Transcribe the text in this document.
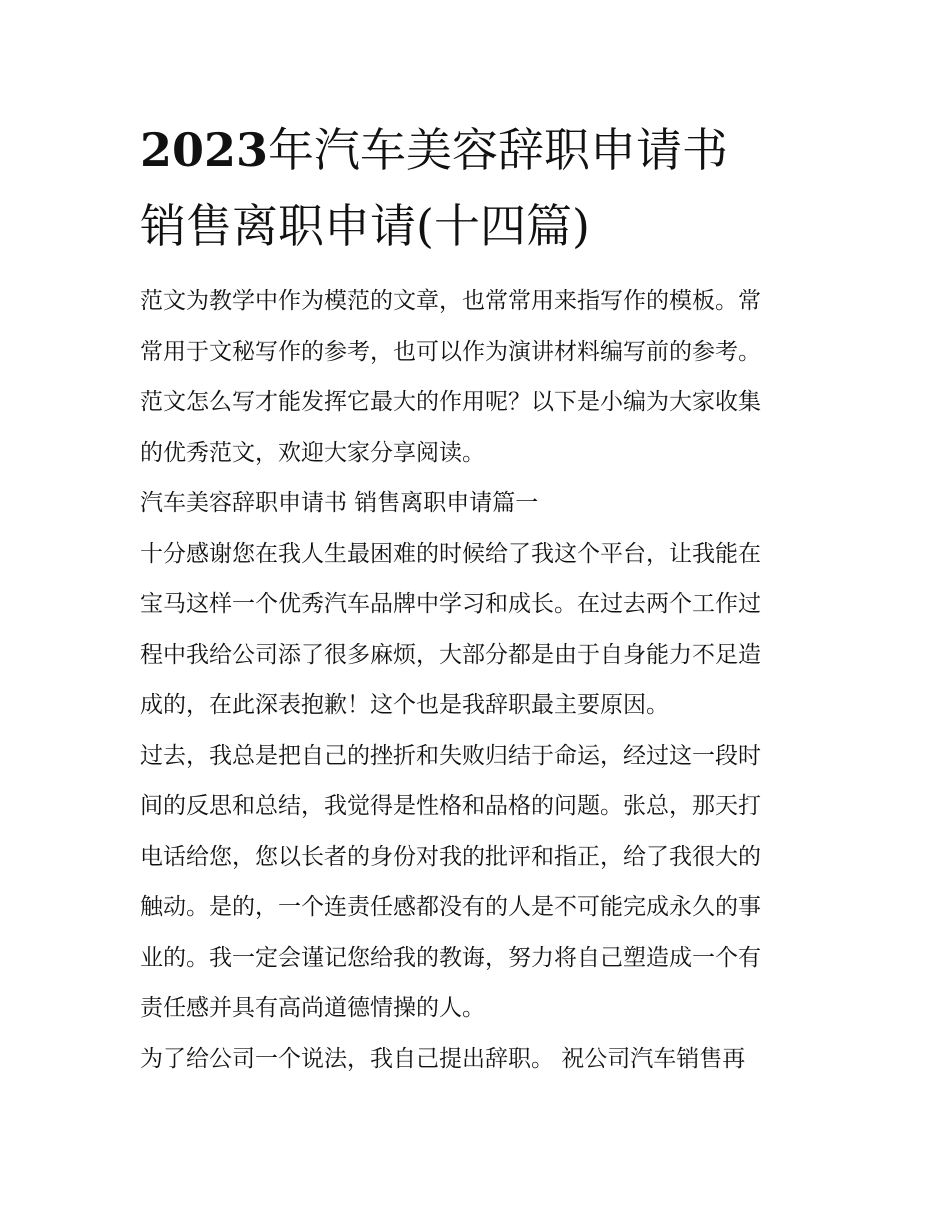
2023年汽车美容辞职申请书
销售离职申请(十四篇)
范文为教学中作为模范的文章，也常常用来指写作的模板。常
常用于文秘写作的参考，也可以作为演讲材料编写前的参考。
范文怎么写才能发挥它最大的作用呢？以下是小编为大家收集
的优秀范文，欢迎大家分享阅读。
汽车美容辞职申请书 销售离职申请篇一
十分感谢您在我人生最困难的时候给了我这个平台，让我能在
宝马这样一个优秀汽车品牌中学习和成长。在过去两个工作过
程中我给公司添了很多麻烦，大部分都是由于自身能力不足造
成的，在此深表抱歉！这个也是我辞职最主要原因。
过去，我总是把自己的挫折和失败归结于命运，经过这一段时
间的反思和总结，我觉得是性格和品格的问题。张总，那天打
电话给您，您以长者的身份对我的批评和指正，给了我很大的
触动。是的，一个连责任感都没有的人是不可能完成永久的事
业的。我一定会谨记您给我的教诲，努力将自己塑造成一个有
责任感并具有高尚道德情操的人。
为了给公司一个说法，我自己提出辞职。 祝公司汽车销售再
